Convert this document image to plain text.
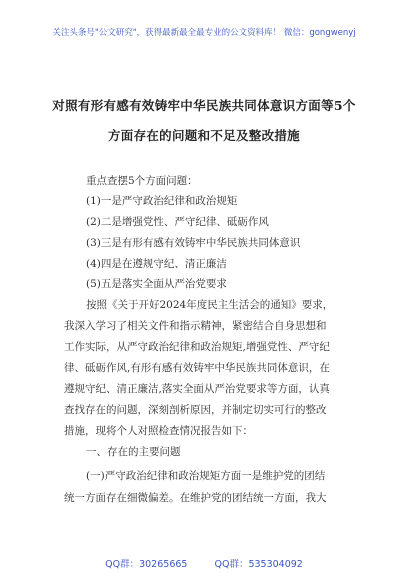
关注头条号"公文研究"，获得最新最全最专业的公文资料库！ 微信：gongwenyj
对照有形有感有效铸牢中华民族共同体意识方面等5个
方面存在的问题和不足及整改措施
重点查摆5个方面问题：
(1)一是严守政治纪律和政治规矩
(2)二是增强党性、严守纪律、砥砺作风
(3)三是有形有感有效铸牢中华民族共同体意识
(4)四是在遵规守纪、清正廉洁
(5)五是落实全面从严治党要求
按照《关于开好2024年度民主生活会的通知》要求，
我深入学习了相关文件和指示精神，紧密结合自身思想和
工作实际，从严守政治纪律和政治规矩,增强党性、严守纪
律、砥砺作风,有形有感有效铸牢中华民族共同体意识，在
遵规守纪、清正廉洁,落实全面从严治党要求等方面，认真
查找存在的问题，深刻剖析原因，并制定切实可行的整改
措施，现将个人对照检查情况报告如下：
一、存在的主要问题
(一)严守政治纪律和政治规矩方面一是维护党的团结
统一方面存在细微偏差。在维护党的团结统一方面，我大
QQ群：30265665	QQ群：535304092
